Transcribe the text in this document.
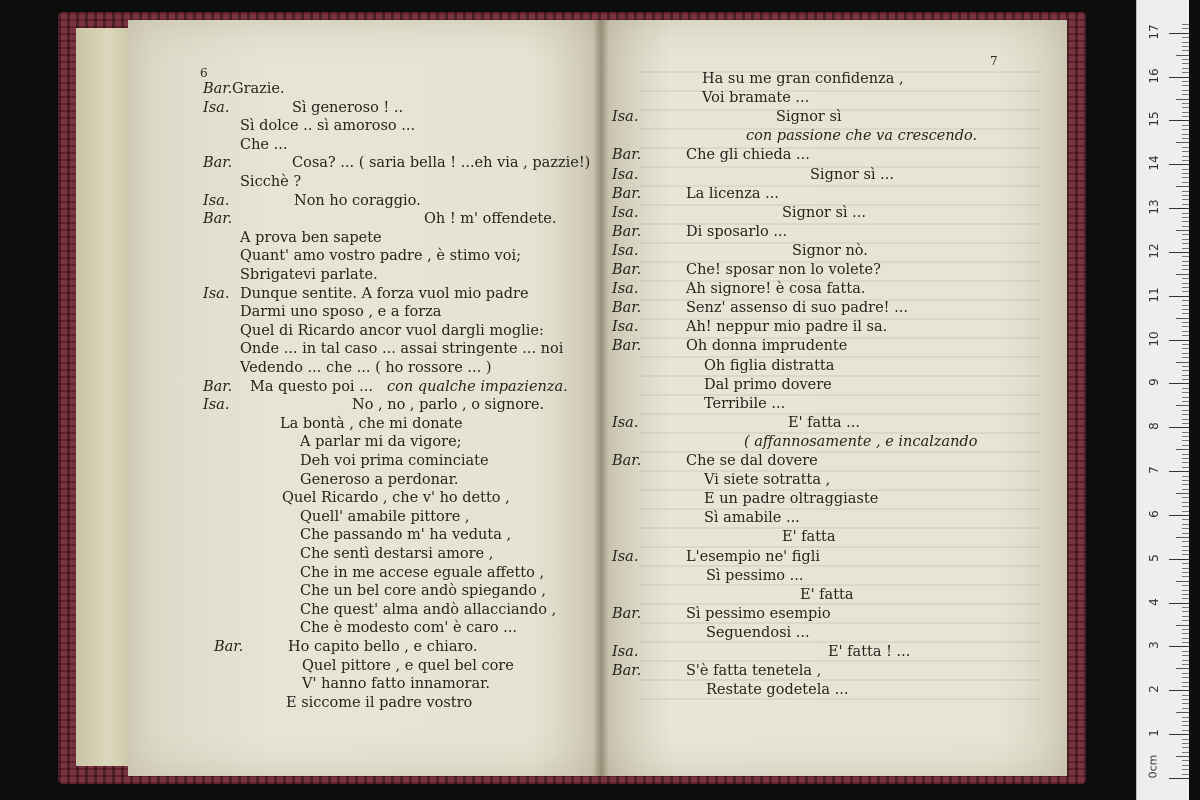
6
7
Bar. Grazie.
Isa.	Sì generoso ! ..
Sì dolce .. sì amoroso ...
Che ...
Bar.	Cosa? ... ( saria bella ! ...eh via , pazzie!)
Sicchè ?
Isa.	Non ho coraggio.
Bar.	Oh ! m' offendete.
A prova ben sapete
Quant' amo vostro padre , è stimo voi;
Sbrigatevi parlate.
Isa. Dunque sentite. A forza vuol mio padre
Darmi uno sposo , e a forza
Quel di Ricardo ancor vuol dargli moglie:
Onde ... in tal caso ... assai stringente ... noi
Vedendo ... che ... ( ho rossore ... )
Bar. Ma questo poi ... con qualche impazienza.
Isa.	No , no , parlo , o signore.
La bontà , che mi donate
A parlar mi da vigore;
Deh voi prima cominciate
Generoso a perdonar.
Quel Ricardo , che v' ho detto ,
Quell' amabile pittore ,
Che passando m' ha veduta ,
Che sentì destarsi amore ,
Che in me accese eguale affetto ,
Che un bel core andò spiegando ,
Che quest' alma andò allacciando ,
Che è modesto com' è caro ...
Bar.	Ho capito bello , e chiaro.
Quel pittore , e quel bel core
V' hanno fatto innamorar.
E siccome il padre vostro
Ha su me gran confidenza ,
Voi bramate ...
Isa.	Signor sì
con passione che va crescendo.
Bar.	Che gli chieda ...
Isa.	Signor sì ...
Bar.	La licenza ...
Isa.	Signor sì ...
Bar.	Di sposarlo ...
Isa.	Signor nò.
Bar.	Che! sposar non lo volete?
Isa.	Ah signore! è cosa fatta.
Bar.	Senz' assenso di suo padre! ...
Isa.	Ah! neppur mio padre il sa.
Bar.	Oh donna imprudente
Oh figlia distratta
Dal primo dovere
Terribile ...
Isa.	E' fatta ...
( affannosamente , e incalzando
Bar.	Che se dal dovere
Vi siete sotratta ,
E un padre oltraggiaste
Sì amabile ...
E' fatta
Isa.	L'esempio ne' figli
Sì pessimo ...
E' fatta
Bar.	Sì pessimo esempio
Seguendosi ...
Isa.	E' fatta ! ...
Bar.	S'è fatta tenetela ,
Restate godetela ...
1
2
3
4
5
6
7
8
9
10
11
12
13
14
15
16
17
0cm
